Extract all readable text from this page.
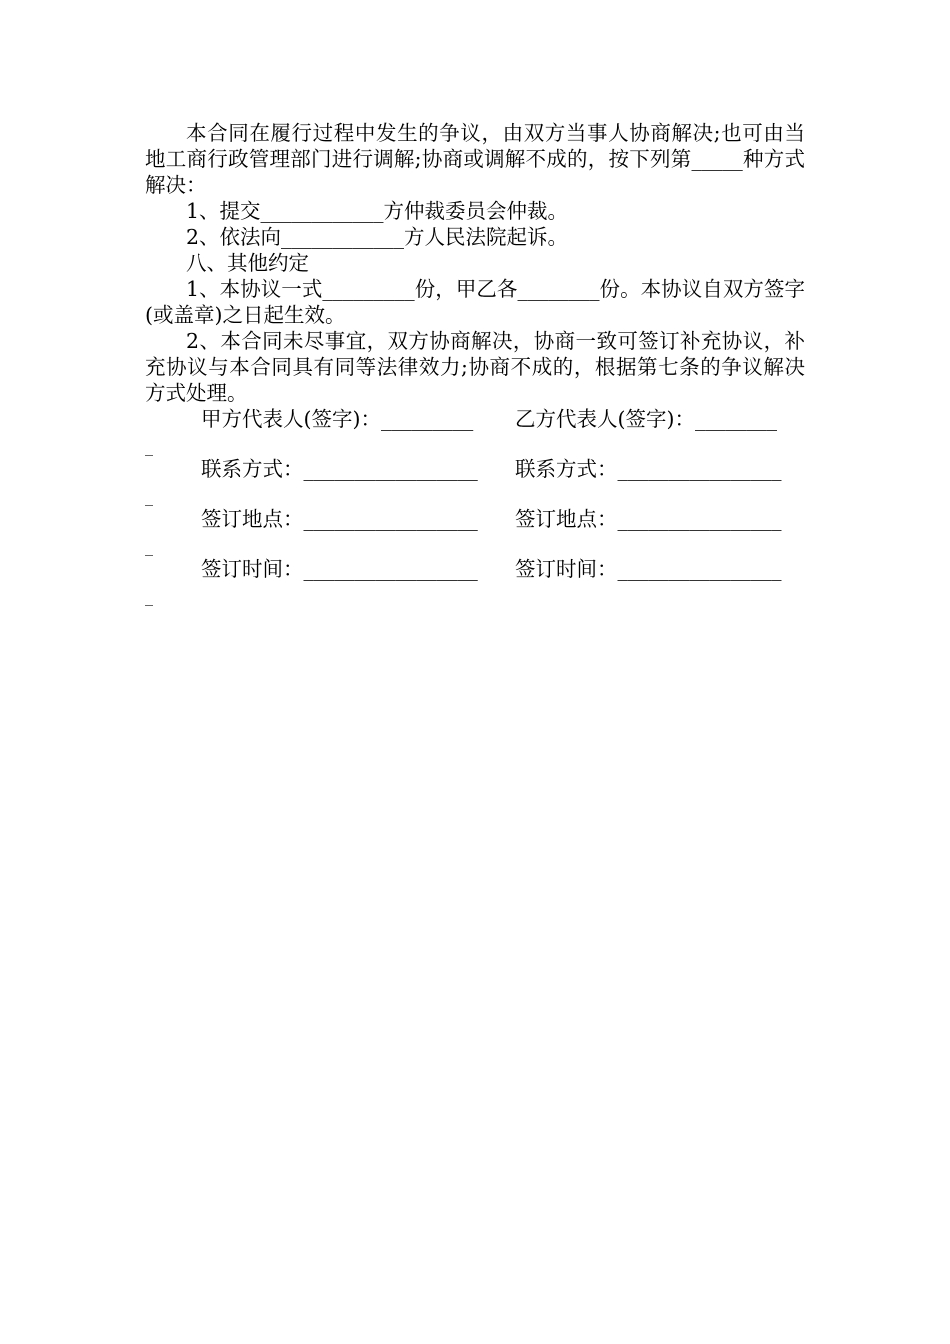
本合同在履行过程中发生的争议，由双方当事人协商解决;也可由当地工商行政管理部门进行调解;协商或调解不成的，按下列第_____种方式解决：

1、提交____________方仲裁委员会仲裁。

2、依法向____________方人民法院起诉。

八、其他约定

1、本协议一式_________份，甲乙各________份。本协议自双方签字(或盖章)之日起生效。

2、本合同未尽事宜，双方协商解决，协商一致可签订补充协议，补充协议与本合同具有同等法律效力;协商不成的，根据第七条的争议解决方式处理。

甲方代表人(签字)：_________ 乙方代表人(签字)：________
_
联系方式：_________________ 联系方式：________________
_
签订地点：_________________ 签订地点：________________
_
签订时间：_________________ 签订时间：________________
_
